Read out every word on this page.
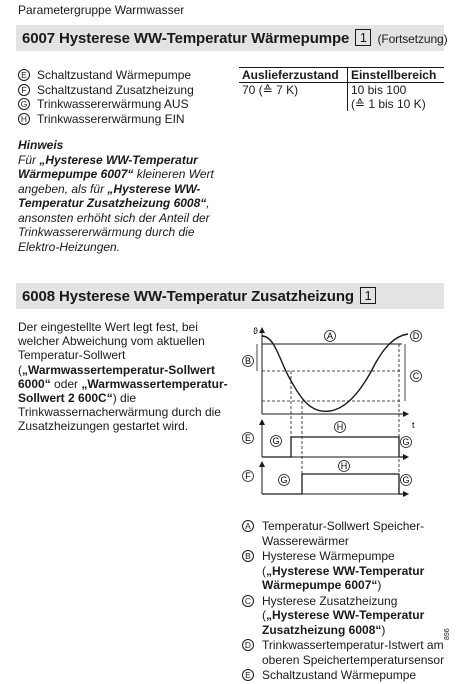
Parametergruppe Warmwasser
6007 Hysterese WW-Temperatur Wärmepumpe 1 (Fortsetzung)
E Schaltzustand Wärmepumpe
F Schaltzustand Zusatzheizung
G Trinkwassererwärmung AUS
H Trinkwassererwärmung EIN
Auslieferzustand	Einstellbereich
70 (≙ 7 K)	10 bis 100
(≙ 1 bis 10 K)
Hinweis
Für „Hysterese WW-Temperatur Wärmepumpe 6007“ kleineren Wert angeben, als für „Hysterese WW-Temperatur Zusatzheizung 6008“, ansonsten erhöht sich der Anteil der Trinkwassererwärmung durch die Elektro-Heizungen.
6008 Hysterese WW-Temperatur Zusatzheizung 1
Der eingestellte Wert legt fest, bei welcher Abweichung vom aktuellen Temperatur-Sollwert („Warmwassertemperatur-Sollwert 6000“ oder „Warmwassertemperatur-Sollwert 2 600C“) die Trinkwassernacherwärmung durch die Zusatzheizungen gestartet wird.
ϑ
t
A
B
C
D
E G
H
G
F	G
H
G
A Temperatur-Sollwert Speicher-Wasserewärmer
B Hysterese Wärmepumpe („Hysterese WW-Temperatur Wärmepumpe 6007“)
C Hysterese Zusatzheizung („Hysterese WW-Temperatur Zusatzheizung 6008“)
D Trinkwassertemperatur-Istwert am oberen Speichertemperatursensor
E Schaltzustand Wärmepumpe
896
